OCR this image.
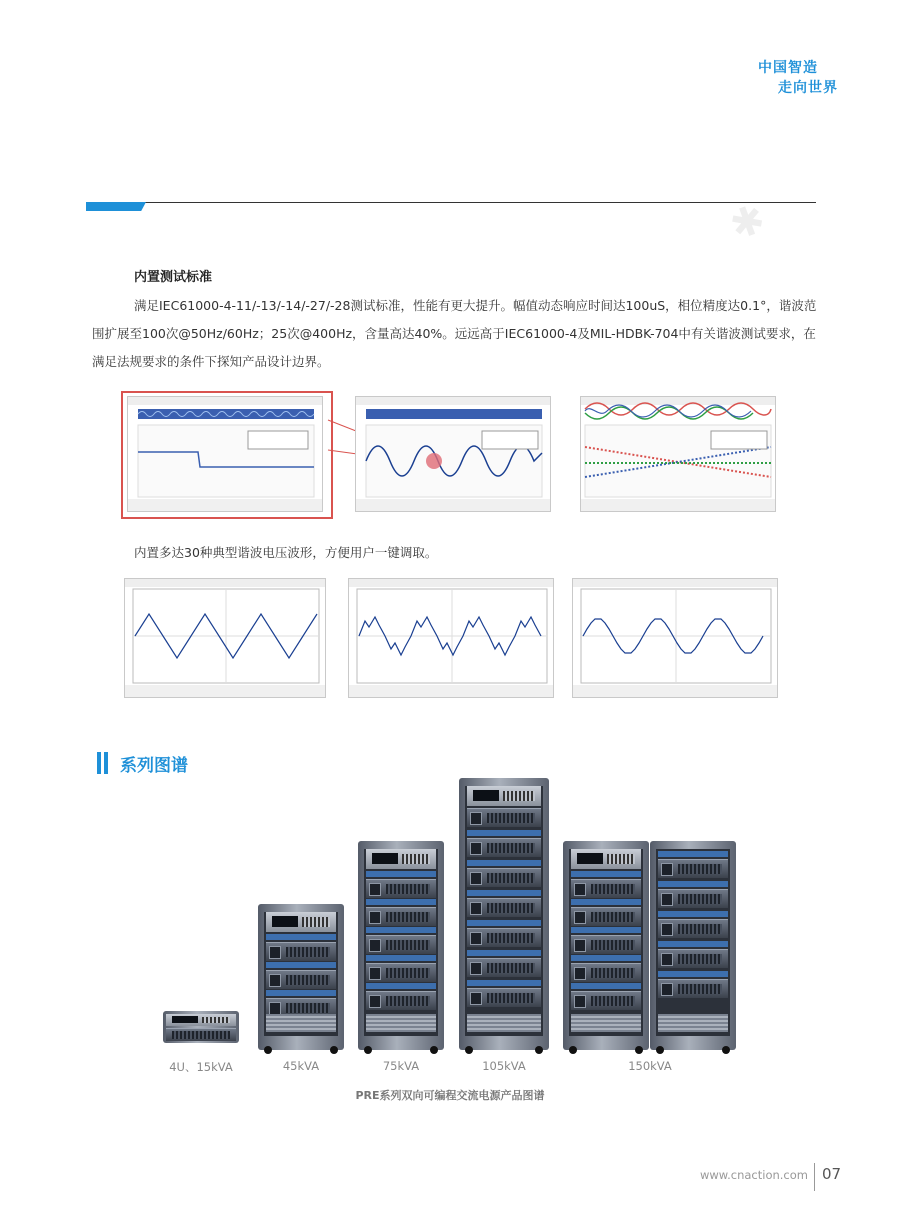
中国智造
走向世界
✱
内置测试标准
满足IEC61000-4-11/-13/-14/-27/-28测试标准，性能有更大提升。幅值动态响应时间达100uS，相位精度达0.1°，谐波范围扩展至100次@50Hz/60Hz；25次@400Hz，含量高达40%。远远高于IEC61000-4及MIL-HDBK-704中有关谐波测试要求，在满足法规要求的条件下探知产品设计边界。
内置多达30种典型谐波电压波形，方便用户一键调取。
系列图谱
4U、15kVA	45kVA	75kVA	105kVA	150kVA
PRE系列双向可编程交流电源产品图谱
www.cnaction.com 07
